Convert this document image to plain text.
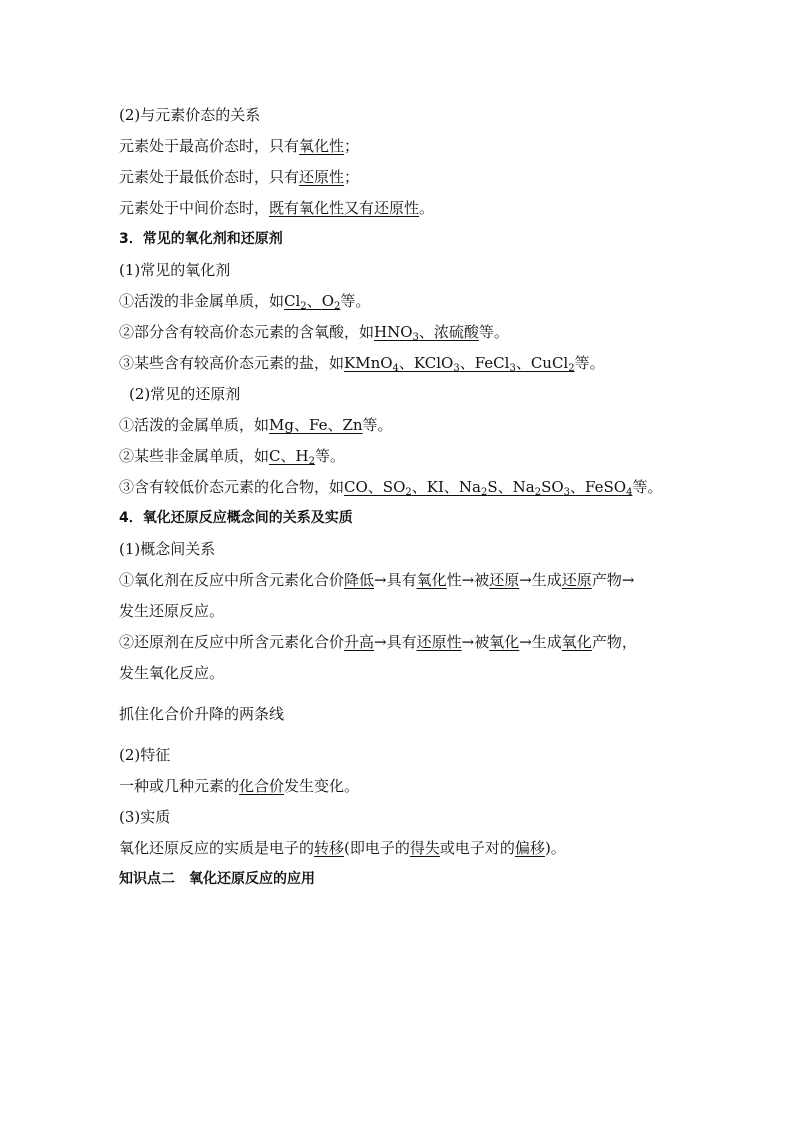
(2)与元素价态的关系
元素处于最高价态时，只有氧化性；
元素处于最低价态时，只有还原性；
元素处于中间价态时，既有氧化性又有还原性。
3．常见的氧化剂和还原剂
(1)常见的氧化剂
①活泼的非金属单质，如$Cl_2$、$O_2$等。
②部分含有较高价态元素的含氧酸，如$HNO_3$、浓硫酸等。
③某些含有较高价态元素的盐，如KMnO$_4$、KClO$_3$、FeCl$_3$、CuCl$_2$等。
(2)常见的还原剂
①活泼的金属单质，如Mg、Fe、Zn等。
②某些非金属单质，如C、$H_2$等。
③含有较低价态元素的化合物，如CO、$SO_2$、KI、$Na_2S$、$Na_2SO_3$、FeSO$_4$等。
4．氧化还原反应概念间的关系及实质
(1)概念间关系
①氧化剂在反应中所含元素化合价降低→具有氧化性→被还原→生成还原产物→
发生还原反应。
②还原剂在反应中所含元素化合价升高→具有还原性→被氧化→生成氧化产物，
发生氧化反应。
抓住化合价升降的两条线
(2)特征
一种或几种元素的化合价发生变化。
(3)实质
氧化还原反应的实质是电子的转移(即电子的得失或电子对的偏移)。
知识点二　氧化还原反应的应用
